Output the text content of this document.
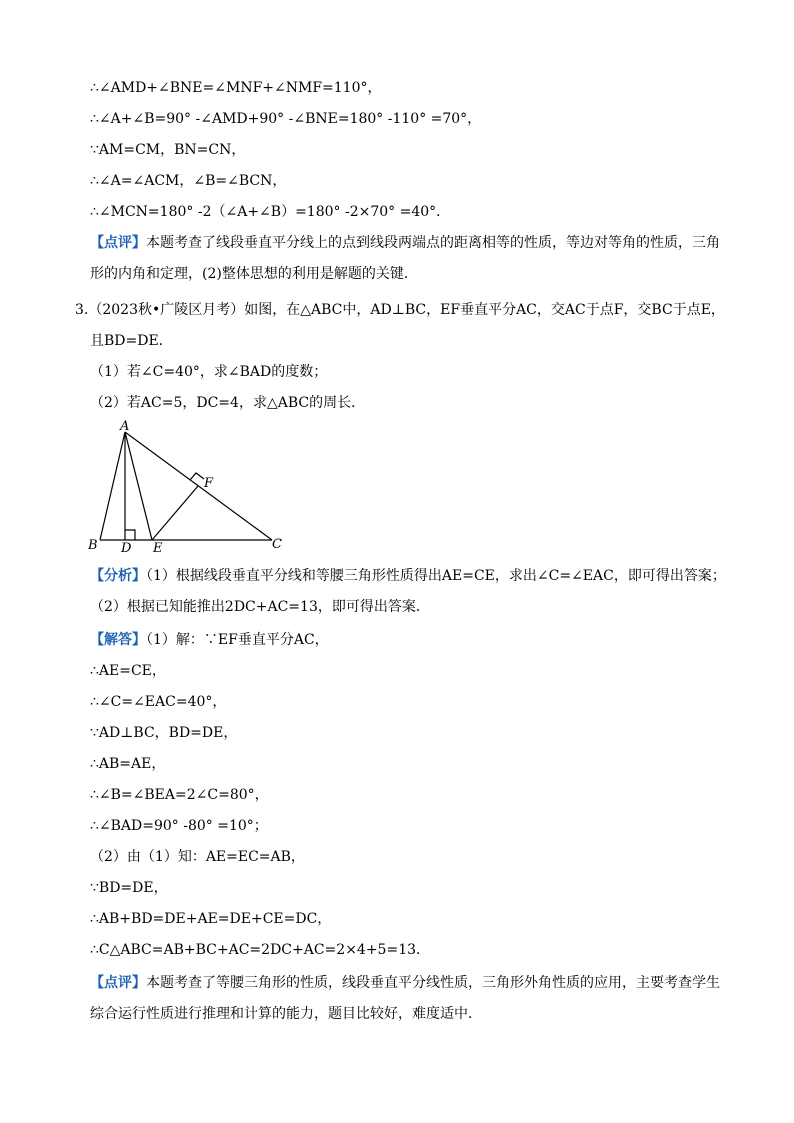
∴∠AMD+∠BNE=∠MNF+∠NMF=110°，
∴∠A+∠B=90° -∠AMD+90° -∠BNE=180° -110° =70°，
∵AM=CM，BN=CN，
∴∠A=∠ACM，∠B=∠BCN，
∴∠MCN=180° -2（∠A+∠B）=180° -2×70° =40°．
【点评】本题考查了线段垂直平分线上的点到线段两端点的距离相等的性质，等边对等角的性质，三角
形的内角和定理，(2)整体思想的利用是解题的关键．
3.（2023秋•广陵区月考）如图，在△ABC中，AD⊥BC，EF垂直平分AC，交AC于点F，交BC于点E，
且BD=DE．
（1）若∠C=40°，求∠BAD的度数；
（2）若AC=5，DC=4，求△ABC的周长．
A
B	C
D E
F
【分析】（1）根据线段垂直平分线和等腰三角形性质得出AE=CE，求出∠C=∠EAC，即可得出答案；
（2）根据已知能推出2DC+AC=13，即可得出答案．
【解答】（1）解：∵EF垂直平分AC，
∴AE=CE，
∴∠C=∠EAC=40°，
∵AD⊥BC，BD=DE，
∴AB=AE，
∴∠B=∠BEA=2∠C=80°，
∴∠BAD=90° -80° =10°；
（2）由（1）知：AE=EC=AB，
∵BD=DE，
∴AB+BD=DE+AE=DE+CE=DC，
∴C△ABC=AB+BC+AC=2DC+AC=2×4+5=13．
【点评】本题考查了等腰三角形的性质，线段垂直平分线性质，三角形外角性质的应用，主要考查学生
综合运行性质进行推理和计算的能力，题目比较好，难度适中．
